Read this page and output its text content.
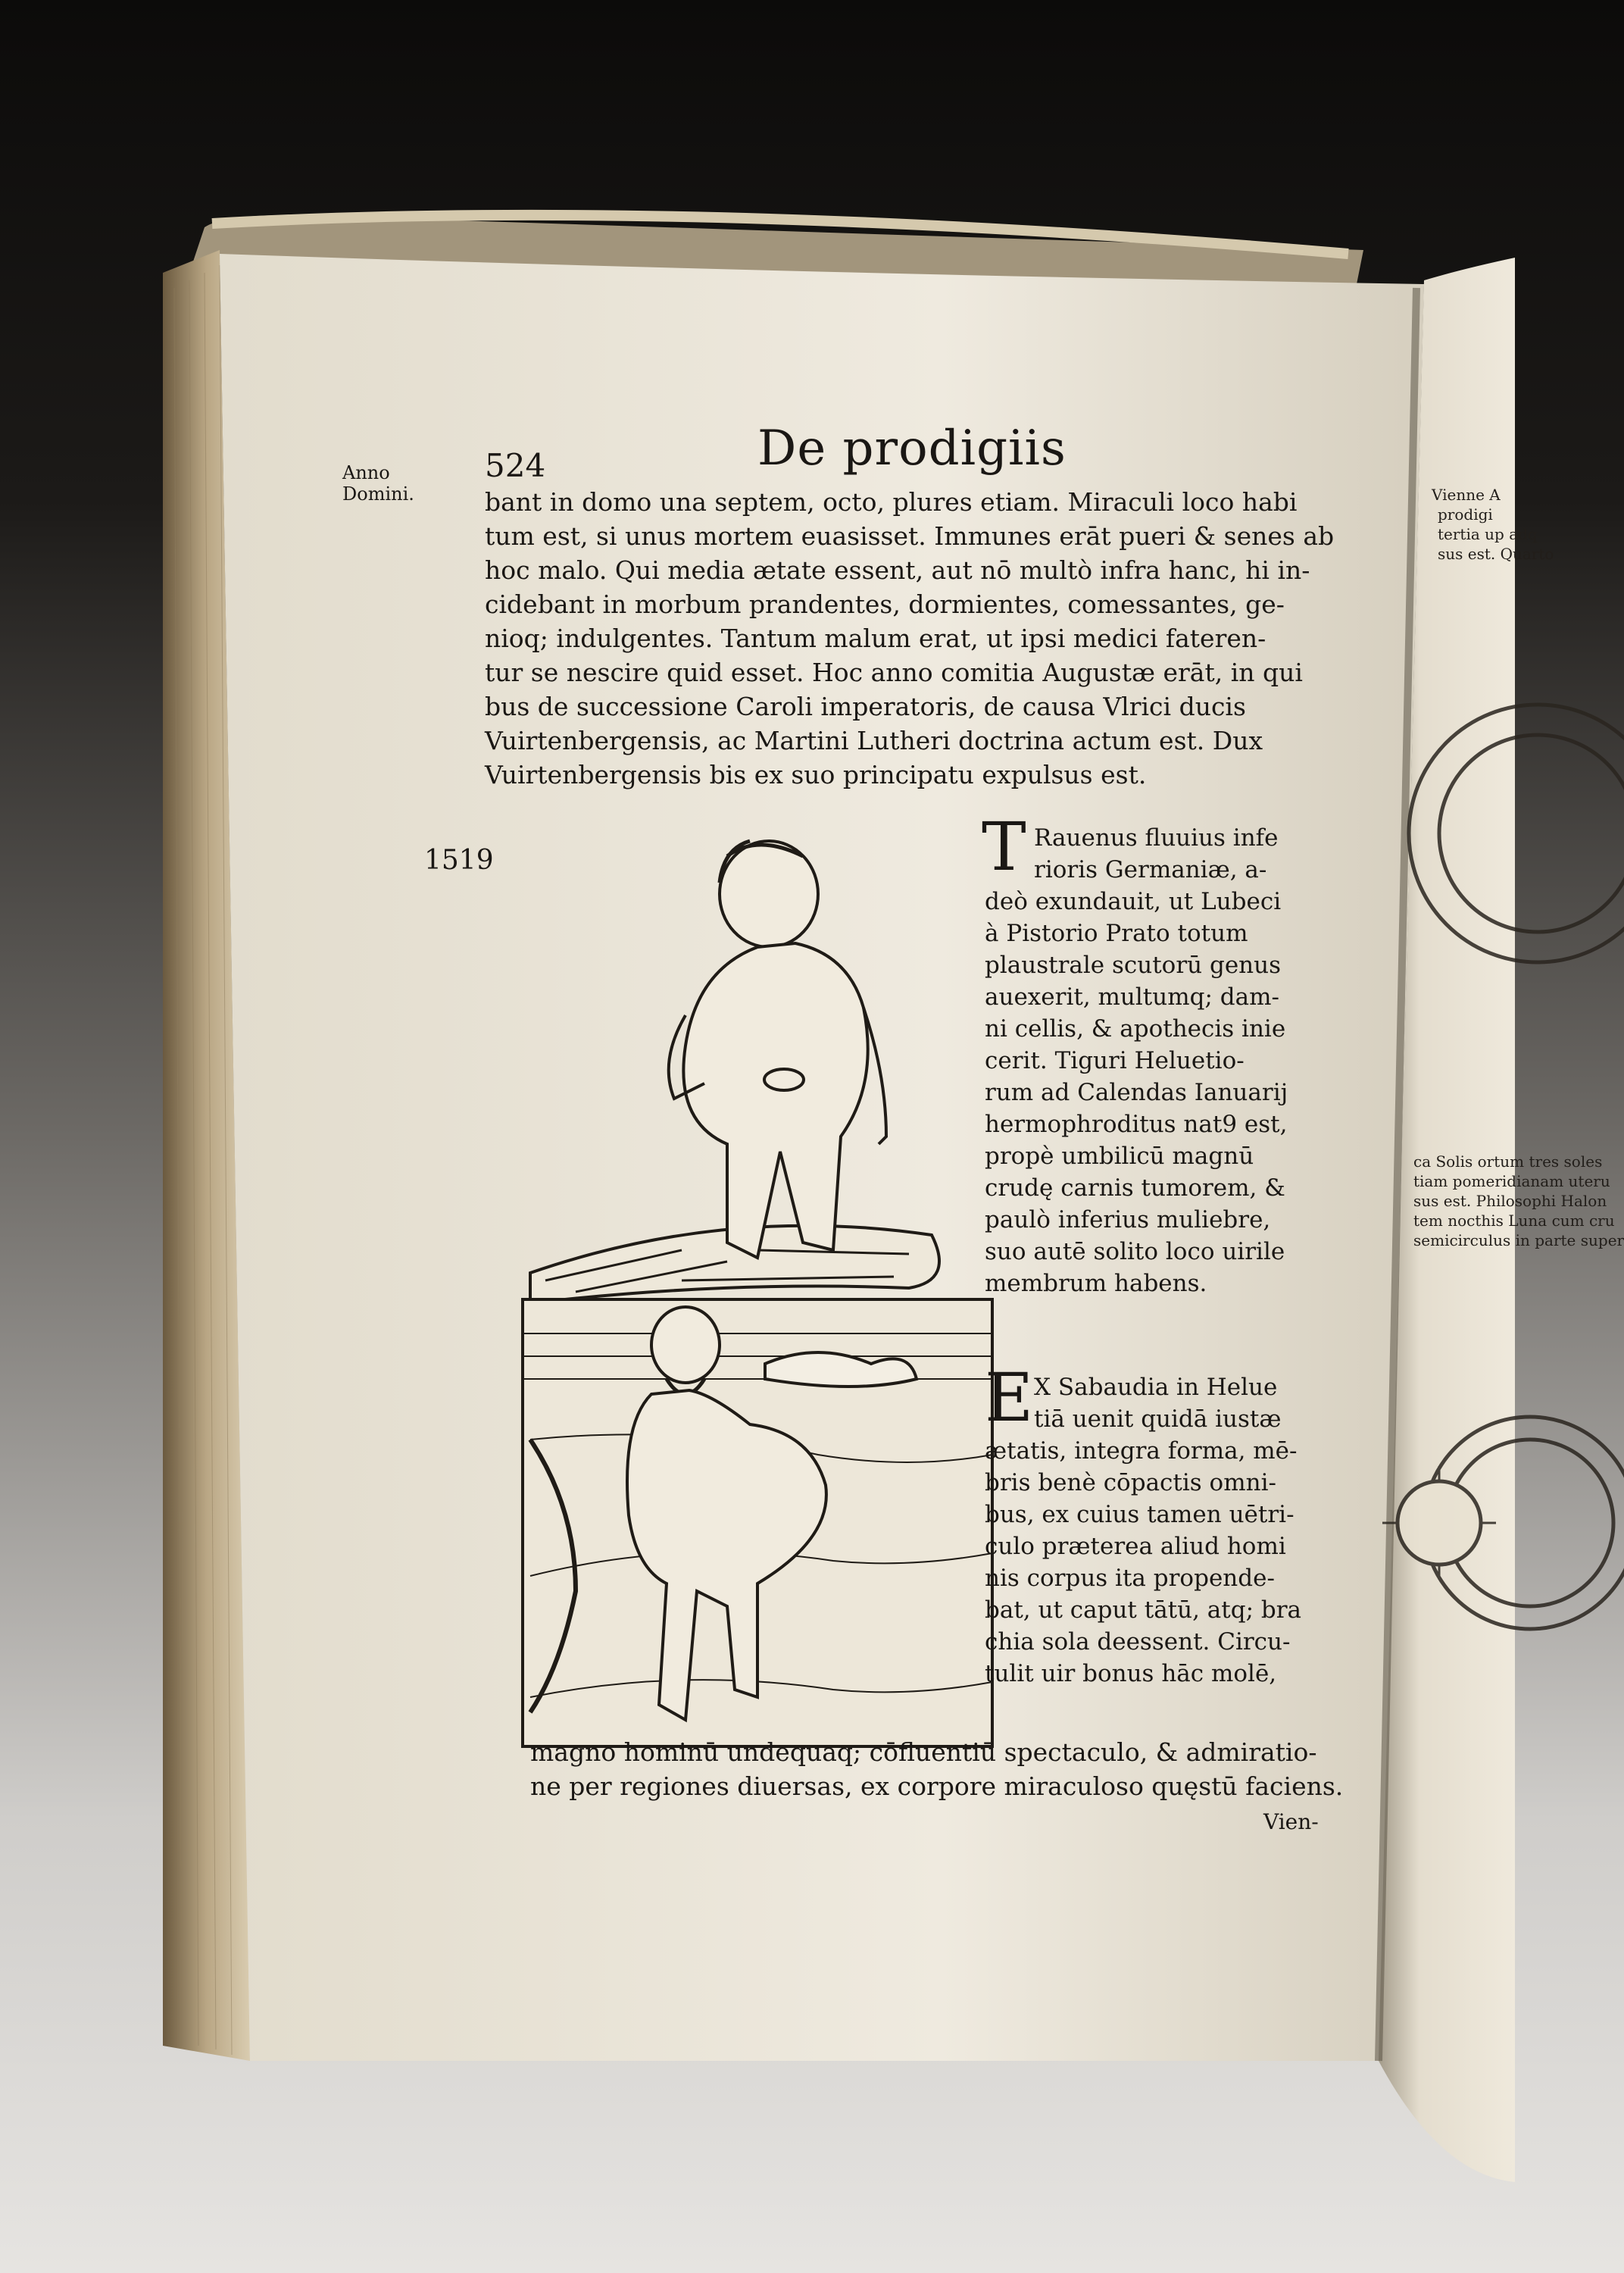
Anno Domini.
524	De prodigiis
bant in domo una septem, octo, plures etiam. Miraculi loco habi
tum est, si unus mortem euasisset. Immunes erāt pueri & senes ab
hoc malo. Qui media ætate essent, aut nō multò infra hanc, hi in-
cidebant in morbum prandentes, dormientes, comessantes, ge-
nioq; indulgentes. Tantum malum erat, ut ipsi medici fateren-
tur se nescire quid esset. Hoc anno comitia Augustæ erāt, in qui
bus de successione Caroli imperatoris, de causa Vlrici ducis
Vuirtenbergensis, ac Martini Lutheri doctrina actum est. Dux
Vuirtenbergensis bis ex suo principatu expulsus est.
1519	T Rauenus fluuius infe
rioris Germaniæ, a-
deò exundauit, ut Lubeci
à Pistorio Prato totum
plaustrale scutorū genus
auexerit, multumq; dam-
ni cellis, & apothecis inie
cerit. Tiguri Heluetio-
rum ad Calendas Ianuarij
hermophroditus nat9 est,
propè umbilicū magnū
crudę carnis tumorem, &
paulò inferius muliebre,
suo autē solito loco uirile
membrum habens.
E X Sabaudia in Helue
tiā uenit quidā iustæ
ætatis, integra forma, mē-
bris benè cōpactis omni-
bus, ex cuius tamen uētri-
culo præterea aliud homi
nis corpus ita propende-
bat, ut caput tātū, atq; bra
chia sola deessent. Circu-
tulit uir bonus hāc molē,
magno hominū undequaq; cōfluentiū spectaculo, & admiratio-
ne per regiones diuersas, ex corpore miraculoso quęstū faciens.
Vien-
Vienne A
prodigi
tertia up adq
sus est. Quarto
ca Solis ortum tres soles
tiam pomeridianam uteru
sus est. Philosophi Halon
tem nocthis Luna cum cru
semicirculus in parte super
